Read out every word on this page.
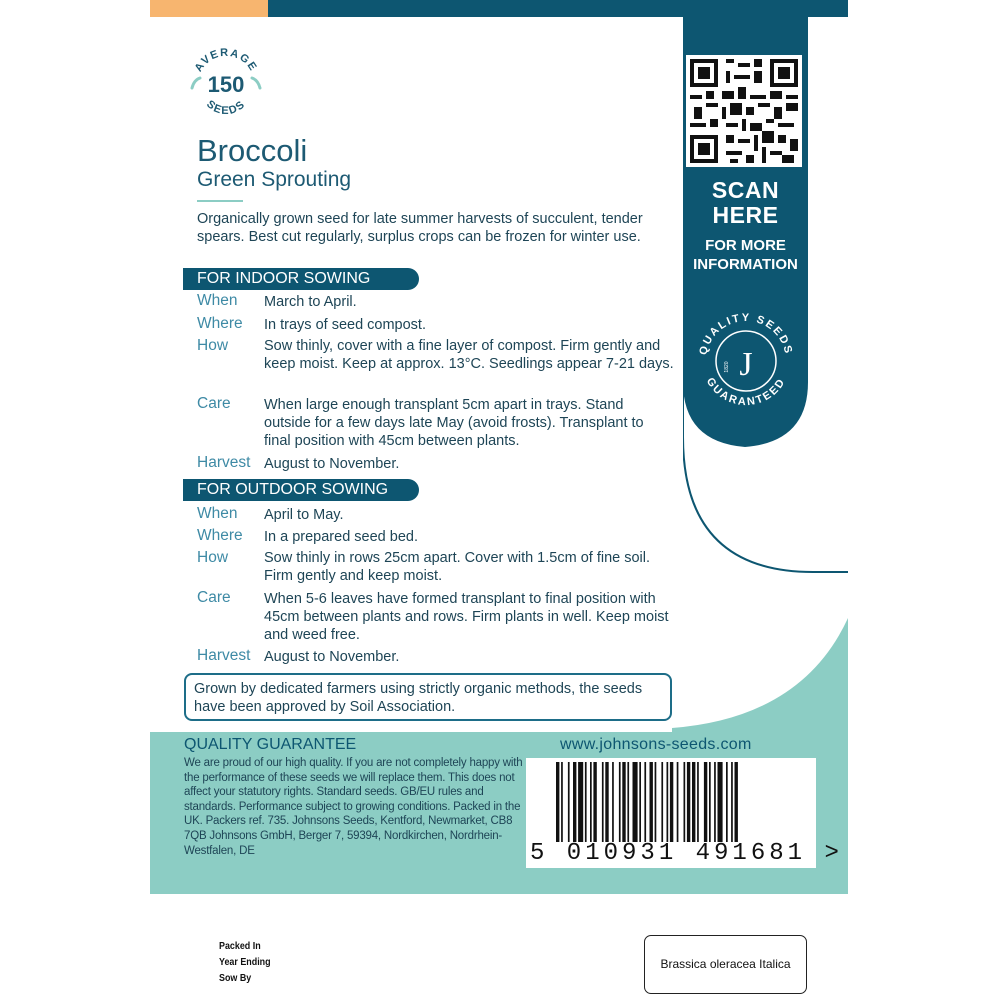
SCAN
HERE
FOR MORE
INFORMATION
QUALITY SEEDS
GUARANTEED
J
1820
AVERAGE
150
SEEDS
Broccoli
Green Sprouting
Organically grown seed for late summer harvests of succulent, tender spears. Best cut regularly, surplus crops can be frozen for winter use.
FOR INDOOR SOWING
When March to April.
Where In trays of seed compost.
How Sow thinly, cover with a fine layer of compost. Firm gently and keep moist. Keep at approx. 13°C. Seedlings appear 7-21 days.
Care When large enough transplant 5cm apart in trays. Stand outside for a few days late May (avoid frosts). Transplant to final position with 45cm between plants.
Harvest August to November.
FOR OUTDOOR SOWING
When April to May.
Where In a prepared seed bed.
How Sow thinly in rows 25cm apart. Cover with 1.5cm of fine soil. Firm gently and keep moist.
Care When 5-6 leaves have formed transplant to final position with 45cm between plants and rows. Firm plants in well. Keep moist and weed free.
Harvest August to November.
Grown by dedicated farmers using strictly organic methods, the seeds have been approved by Soil Association.
QUALITY GUARANTEE
We are proud of our high quality. If you are not completely happy with the performance of these seeds we will replace them. This does not affect your statutory rights. Standard seeds. GB/EU rules and standards. Performance subject to growing conditions. Packed in the UK. Packers ref. 735. Johnsons Seeds, Kentford, Newmarket, CB8 7QB Johnsons GmbH, Berger 7, 59394, Nordkirchen, Nordrhein-Westfalen, DE
www.johnsons-seeds.com
5 010931 491681 >
Packed In
Year Ending
Sow By
Brassica oleracea Italica
